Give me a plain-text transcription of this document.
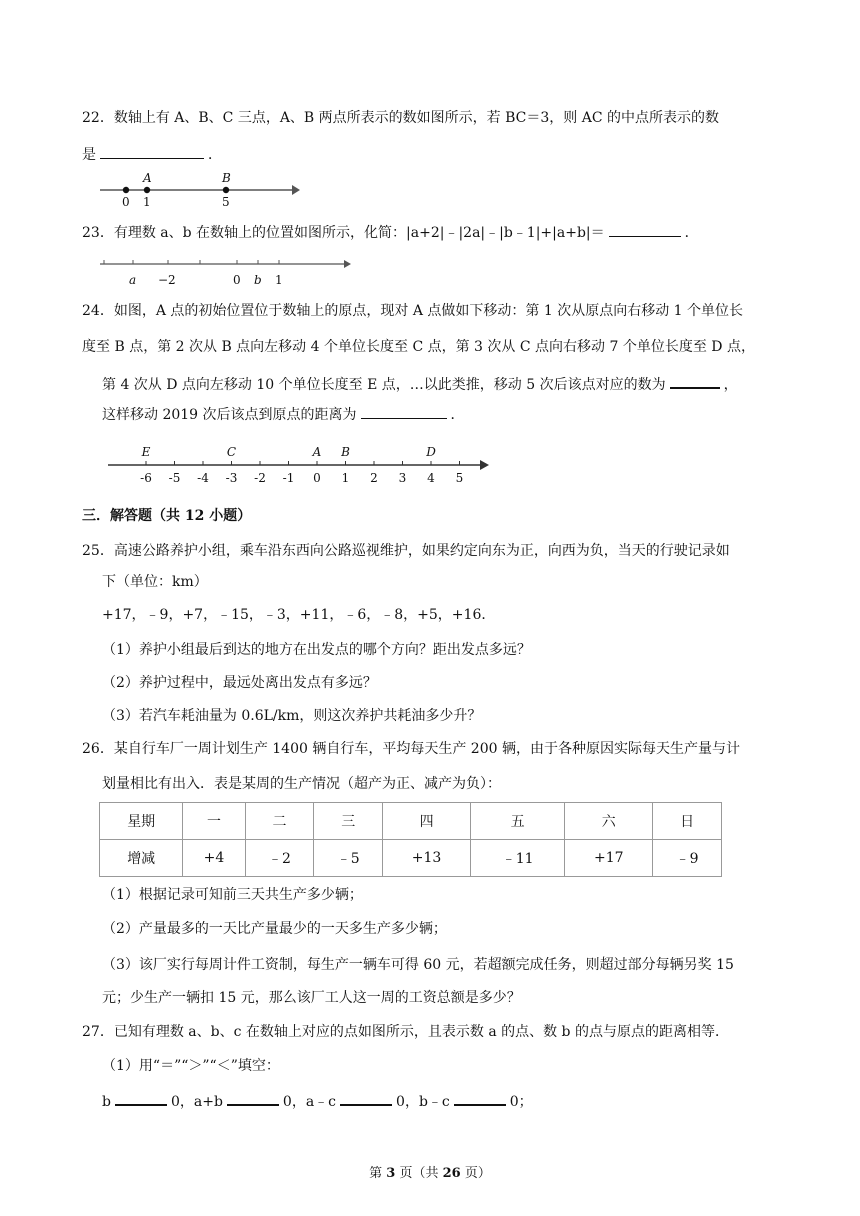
22．数轴上有 A、B、C 三点，A、B 两点所表示的数如图所示，若 BC＝3，则 AC 的中点所表示的数
是	．
A	B
0 1	5
23．有理数 a、b 在数轴上的位置如图所示，化简：|a+2|﹣|2a|﹣|b﹣1|+|a+b|＝	．
a −2	0 b 1
24．如图，A 点的初始位置位于数轴上的原点，现对 A 点做如下移动：第 1 次从原点向右移动 1 个单位长
度至 B 点，第 2 次从 B 点向左移动 4 个单位长度至 C 点，第 3 次从 C 点向右移动 7 个单位长度至 D 点，
第 4 次从 D 点向左移动 10 个单位长度至 E 点，…以此类推，移动 5 次后该点对应的数为	，
这样移动 2019 次后该点到原点的距离为	．
-6 -5 -4 -3 -2 -1 0 1 2 3 4 5
E	C	A B	D
三．解答题（共 12 小题）
25．高速公路养护小组，乘车沿东西向公路巡视维护，如果约定向东为正，向西为负，当天的行驶记录如
下（单位：km）
+17，﹣9，+7，﹣15，﹣3，+11，﹣6，﹣8，+5，+16．
（1）养护小组最后到达的地方在出发点的哪个方向？距出发点多远？
（2）养护过程中，最远处离出发点有多远？
（3）若汽车耗油量为 0.6L/km，则这次养护共耗油多少升？
26．某自行车厂一周计划生产 1400 辆自行车，平均每天生产 200 辆，由于各种原因实际每天生产量与计
划量相比有出入．表是某周的生产情况（超产为正、减产为负）：
星期	一	二	三	四	五	六	日
增减	+4	﹣2	﹣5	+13	﹣11	+17	﹣9
（1）根据记录可知前三天共生产多少辆；
（2）产量最多的一天比产量最少的一天多生产多少辆；
（3）该厂实行每周计件工资制，每生产一辆车可得 60 元，若超额完成任务，则超过部分每辆另奖 15
元；少生产一辆扣 15 元，那么该厂工人这一周的工资总额是多少？
27．已知有理数 a、b、c 在数轴上对应的点如图所示，且表示数 a 的点、数 b 的点与原点的距离相等．
（1）用“＝”“＞”“＜”填空：
b	0，a+b	0，a﹣c	0，b﹣c	0；
第 3 页（共 26 页）
